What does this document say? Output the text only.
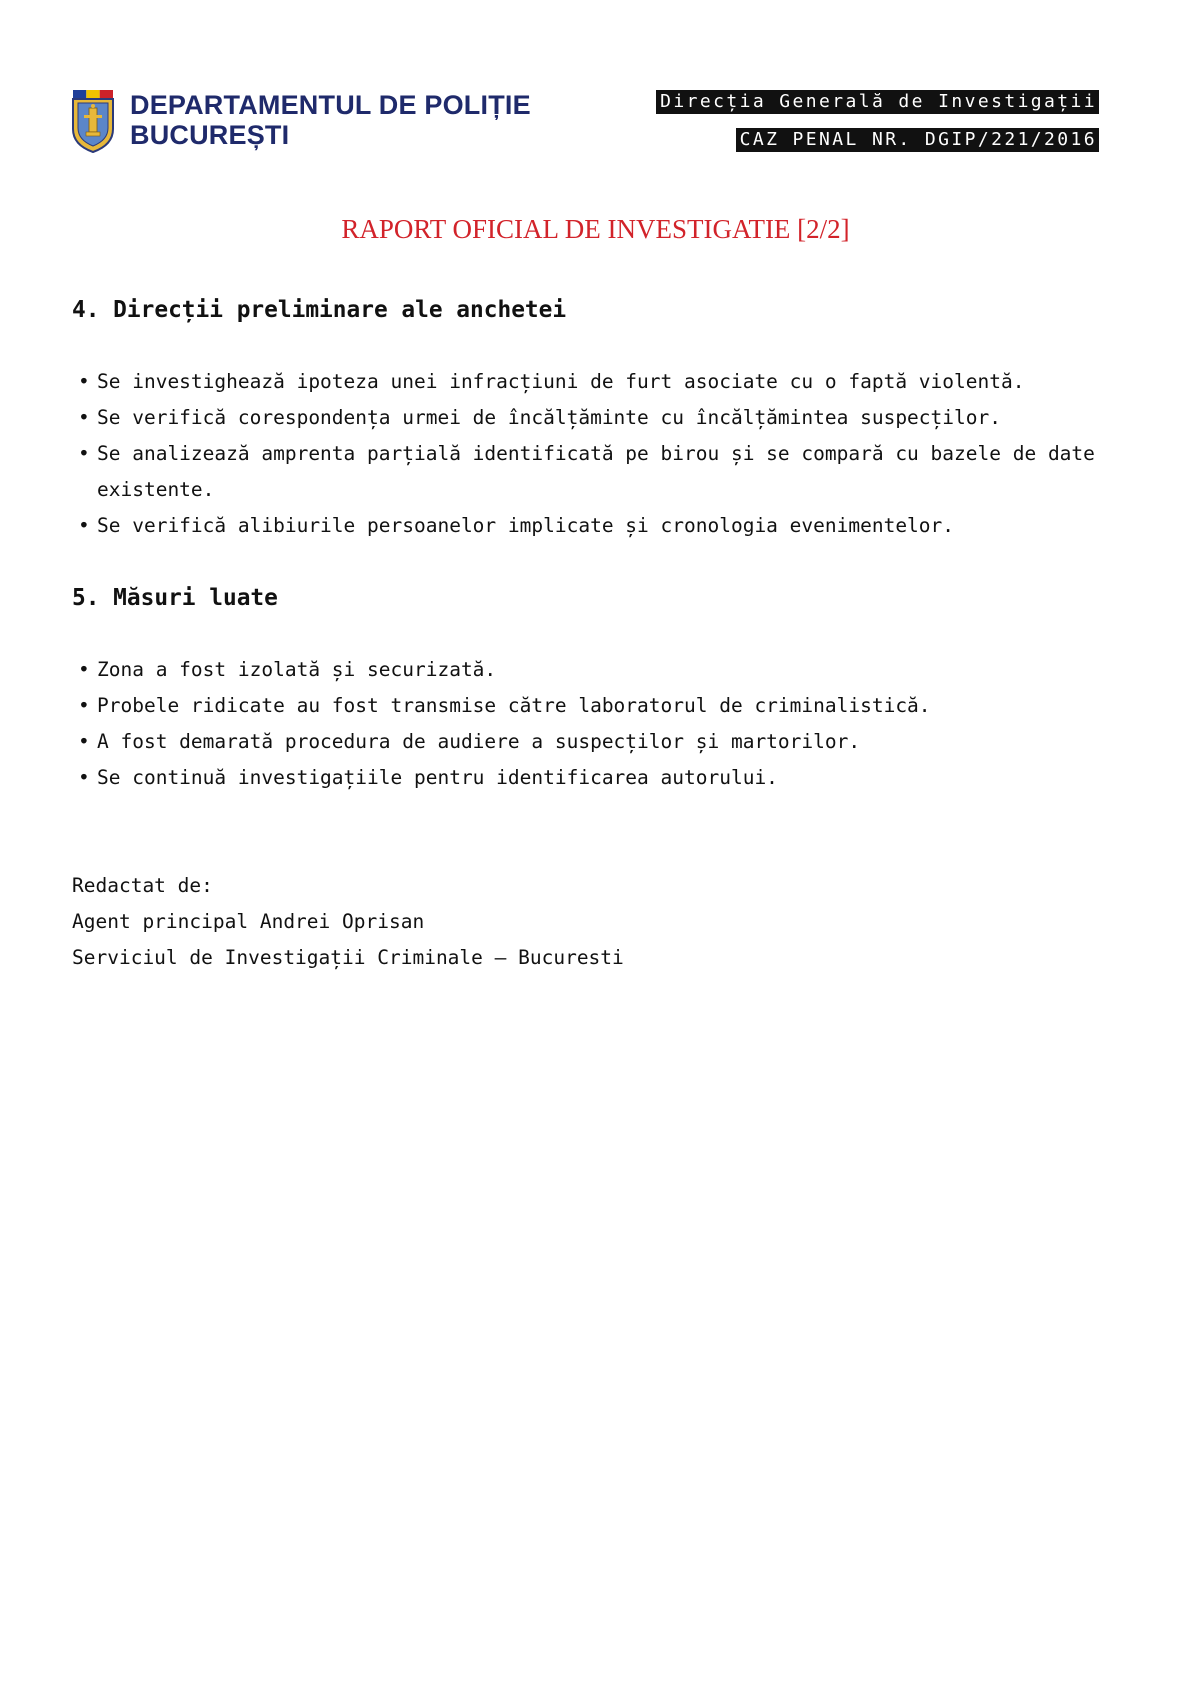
DEPARTAMENTUL DE POLIȚIE
BUCUREȘTI
Direcția Generală de Investigații
CAZ PENAL NR. DGIP/221/2016
RAPORT OFICIAL DE INVESTIGATIE [2/2]
4. Direcții preliminare ale anchetei
• Se investighează ipoteza unei infracțiuni de furt asociate cu o faptă violentă.
• Se verifică corespondența urmei de încălțăminte cu încălțămintea suspecților.
• Se analizează amprenta parțială identificată pe birou și se compară cu bazele de date existente.
• Se verifică alibiurile persoanelor implicate și cronologia evenimentelor.
5. Măsuri luate
• Zona a fost izolată și securizată.
• Probele ridicate au fost transmise către laboratorul de criminalistică.
• A fost demarată procedura de audiere a suspecților și martorilor.
• Se continuă investigațiile pentru identificarea autorului.
Redactat de:
Agent principal Andrei Oprisan
Serviciul de Investigații Criminale – Bucuresti
